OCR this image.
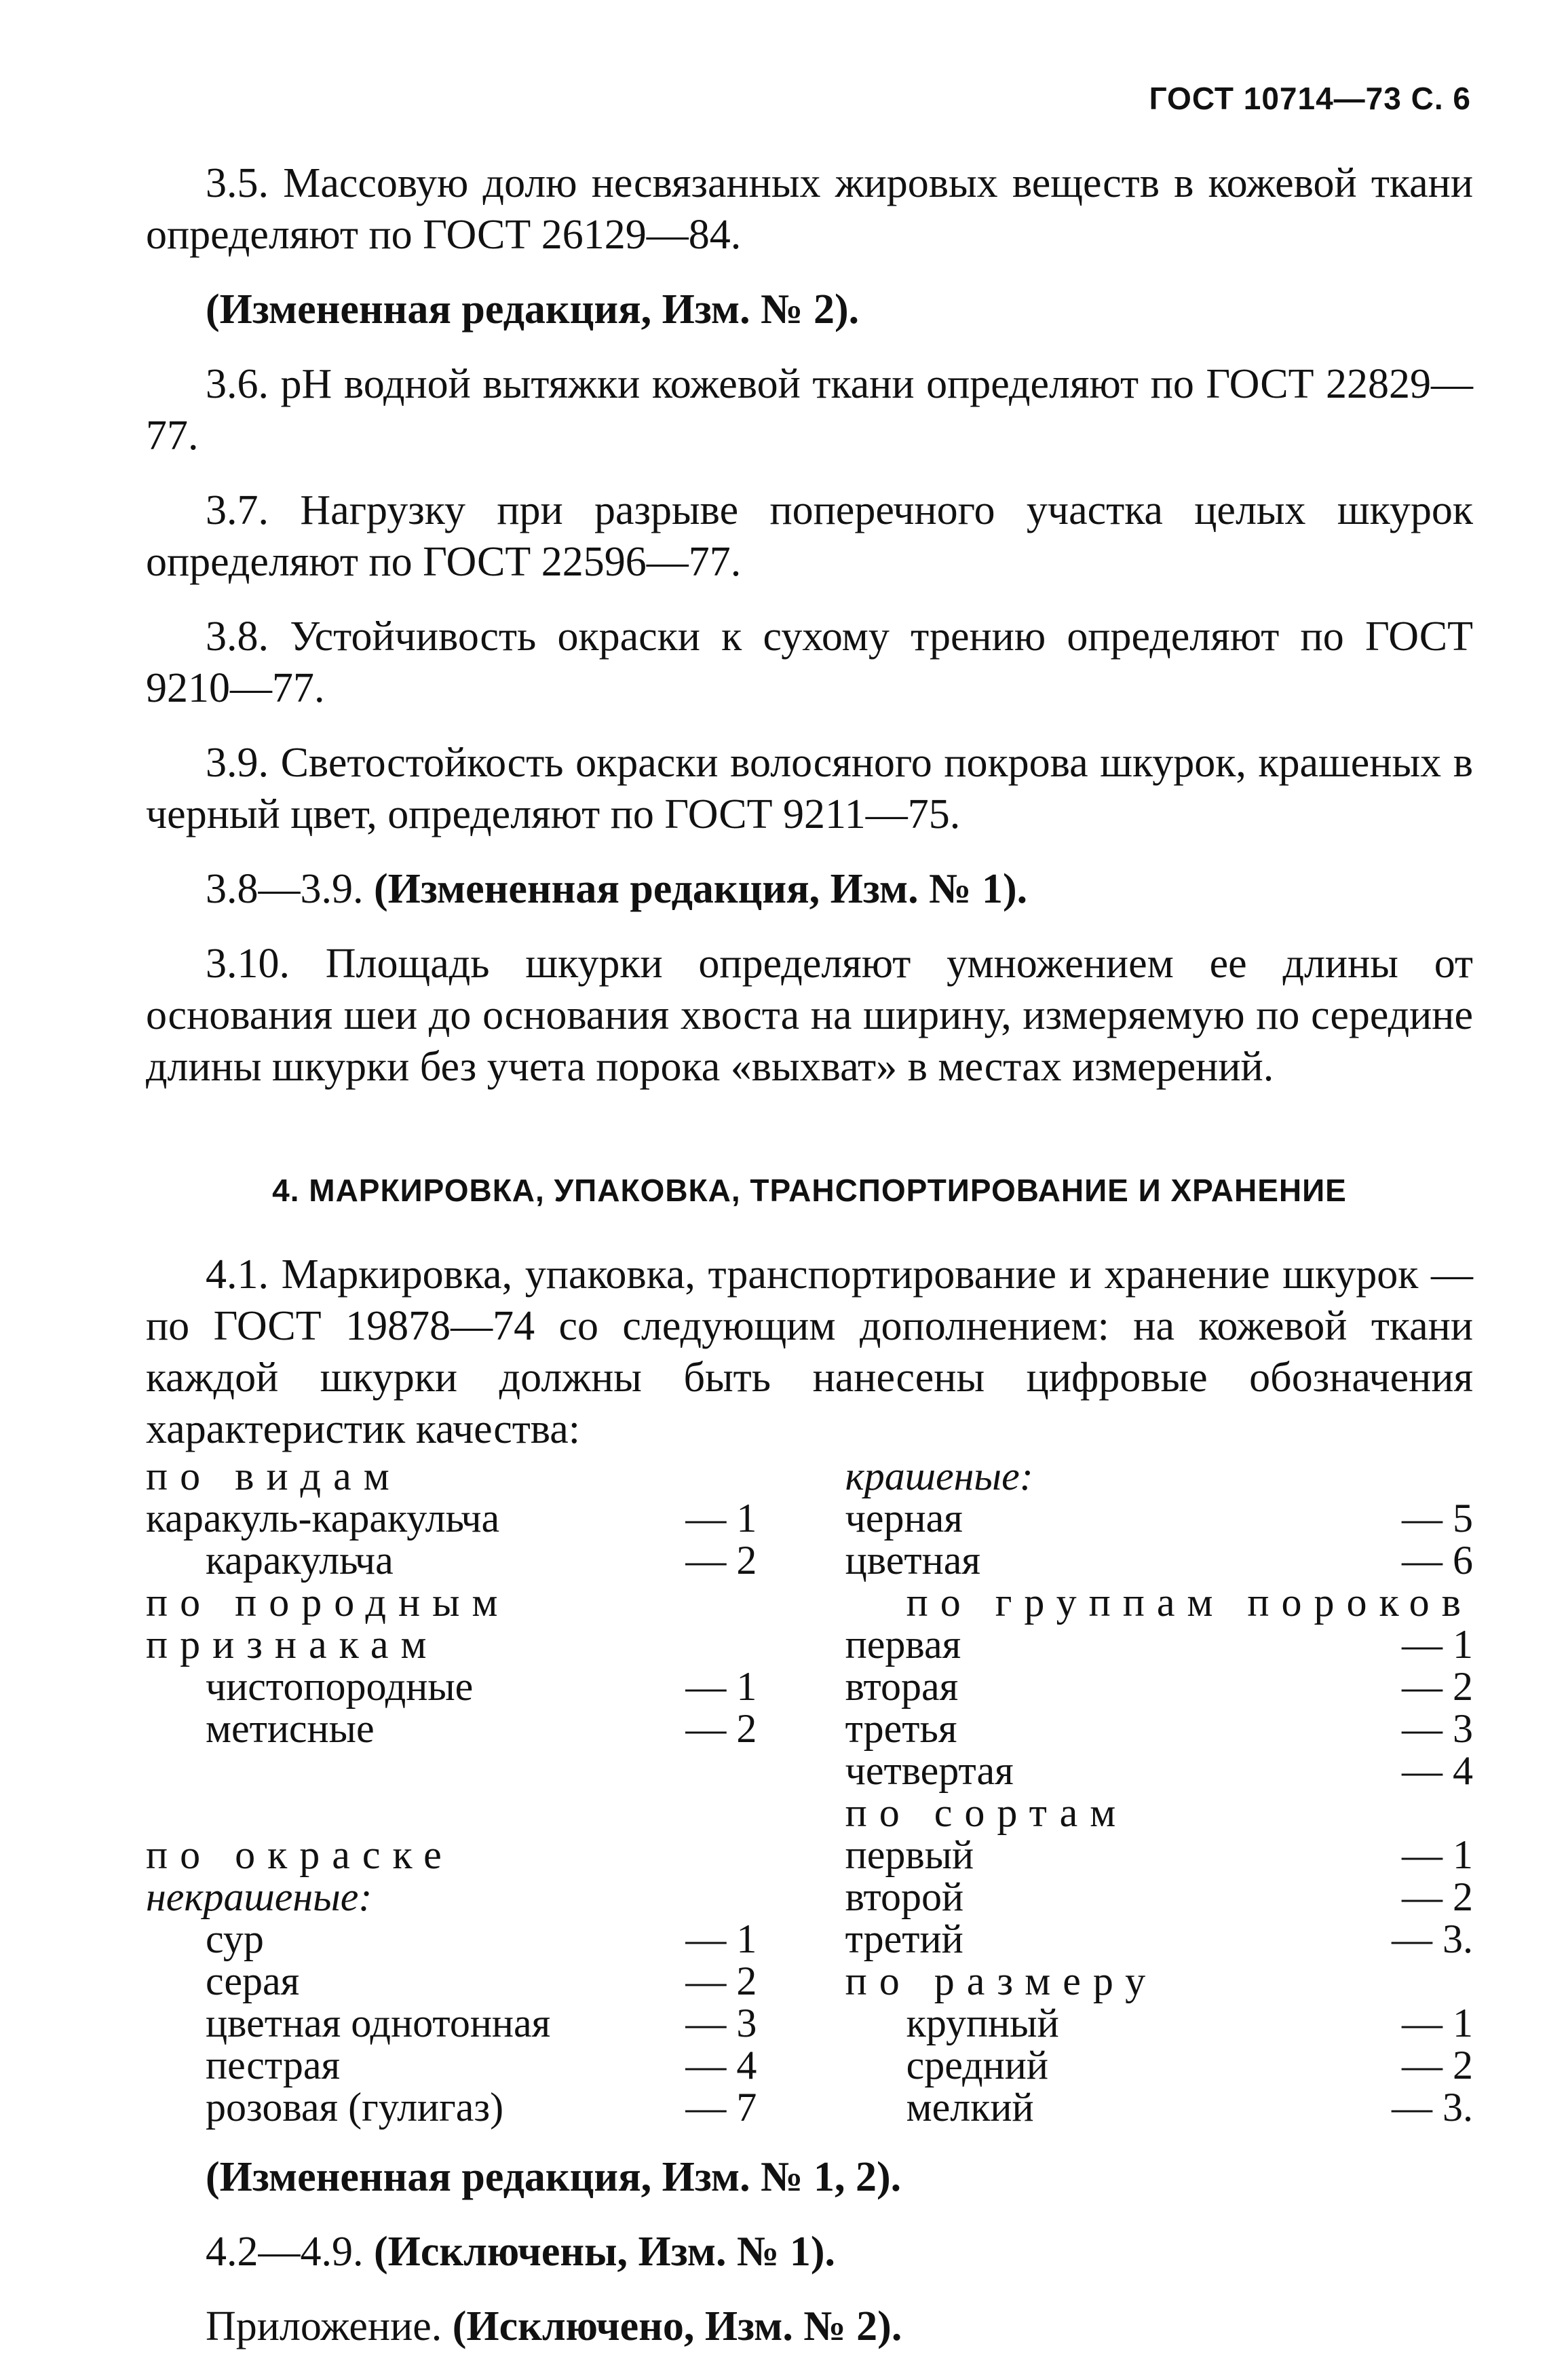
ГОСТ 10714—73 С. 6

3.5. Массовую долю несвязанных жировых веществ в кожевой ткани определяют по ГОСТ 26129—84.

(Измененная редакция, Изм. № 2).

3.6. рН водной вытяжки кожевой ткани определяют по ГОСТ 22829—77.

3.7. Нагрузку при разрыве поперечного участка целых шкурок определяют по ГОСТ 22596—77.

3.8. Устойчивость окраски к сухому трению определяют по ГОСТ 9210—77.

3.9. Светостойкость окраски волосяного покрова шкурок, крашеных в черный цвет, определяют по ГОСТ 9211—75.

3.8—3.9. (Измененная редакция, Изм. № 1).

3.10. Площадь шкурки определяют умножением ее длины от основания шеи до основания хвоста на ширину, измеряемую по середине длины шкурки без учета порока «выхват» в местах измерений.

4. МАРКИРОВКА, УПАКОВКА, ТРАНСПОРТИРОВАНИЕ И ХРАНЕНИЕ

4.1. Маркировка, упаковка, транспортирование и хранение шкурок — по ГОСТ 19878—74 со следующим дополнением: на кожевой ткани каждой шкурки должны быть нанесены цифровые обозначения характеристик качества:

по видам			крашеные:	
каракуль-каракульча	— 1		черная	— 5
каракульча	— 2		цветная	— 6
по породным			по группам пороков	
признакам			первая	— 1
чистопородные	— 1		вторая	— 2
метисные	— 2		третья	— 3
			четвертая	— 4
			по сортам	
по окраске			первый	— 1
некрашеные:			второй	— 2
сур	— 1		третий	— 3.
серая	— 2		по размеру	
цветная однотонная	— 3		крупный	— 1
пестрая	— 4		средний	— 2
розовая (гулигаз)	— 7		мелкий	— 3.

(Измененная редакция, Изм. № 1, 2).

4.2—4.9. (Исключены, Изм. № 1).

Приложение. (Исключено, Изм. № 2).
